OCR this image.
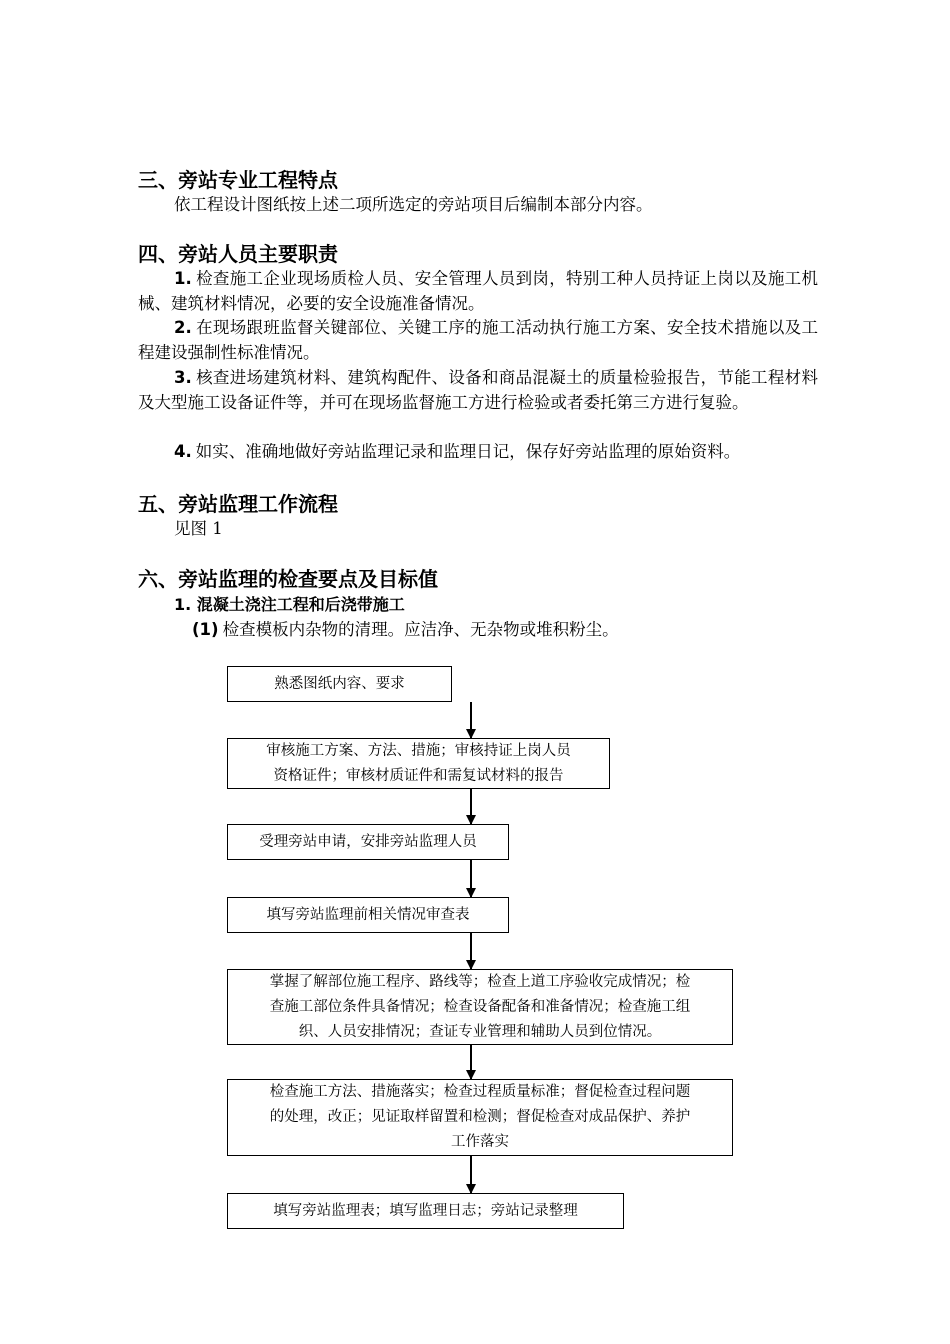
三、旁站专业工程特点

依工程设计图纸按上述二项所选定的旁站项目后编制本部分内容。

四、旁站人员主要职责

1. 检查施工企业现场质检人员、安全管理人员到岗，特别工种人员持证上岗以及施工机械、建筑材料情况，必要的安全设施准备情况。

2. 在现场跟班监督关键部位、关键工序的施工活动执行施工方案、安全技术措施以及工程建设强制性标准情况。

3. 核查进场建筑材料、建筑构配件、设备和商品混凝土的质量检验报告，节能工程材料及大型施工设备证件等，并可在现场监督施工方进行检验或者委托第三方进行复验。

4. 如实、准确地做好旁站监理记录和监理日记，保存好旁站监理的原始资料。

五、旁站监理工作流程

见图 1

六、旁站监理的检查要点及目标值

1. 混凝土浇注工程和后浇带施工

(1) 检查模板内杂物的清理。应洁净、无杂物或堆积粉尘。

熟悉图纸内容、要求
审核施工方案、方法、措施；审核持证上岗人员
资格证件；审核材质证件和需复试材料的报告
受理旁站申请，安排旁站监理人员
填写旁站监理前相关情况审查表
掌握了解部位施工程序、路线等；检查上道工序验收完成情况；检
查施工部位条件具备情况；检查设备配备和准备情况；检查施工组
织、人员安排情况；查证专业管理和辅助人员到位情况。
检查施工方法、措施落实；检查过程质量标准；督促检查过程问题
的处理，改正；见证取样留置和检测；督促检查对成品保护、养护
工作落实
填写旁站监理表；填写监理日志；旁站记录整理
